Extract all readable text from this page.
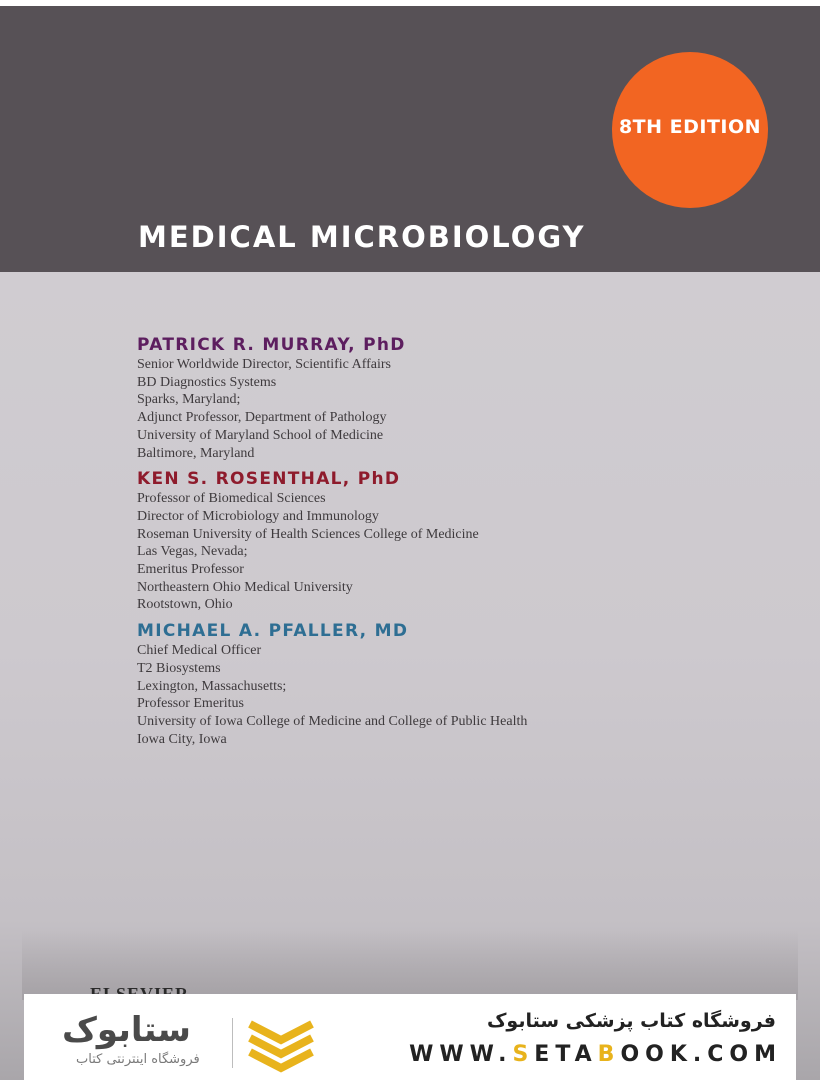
MEDICAL MICROBIOLOGY
8TH EDITION
PATRICK R. MURRAY, PhD
Senior Worldwide Director, Scientific Affairs
BD Diagnostics Systems
Sparks, Maryland;
Adjunct Professor, Department of Pathology
University of Maryland School of Medicine
Baltimore, Maryland
KEN S. ROSENTHAL, PhD
Professor of Biomedical Sciences
Director of Microbiology and Immunology
Roseman University of Health Sciences College of Medicine
Las Vegas, Nevada;
Emeritus Professor
Northeastern Ohio Medical University
Rootstown, Ohio
MICHAEL A. PFALLER, MD
Chief Medical Officer
T2 Biosystems
Lexington, Massachusetts;
Professor Emeritus
University of Iowa College of Medicine and College of Public Health
Iowa City, Iowa
ستابوک
فروشگاه اینترنتی کتاب
فروشگاه کتاب پزشکی ستابوک
WWW.SETABOOK.COM
